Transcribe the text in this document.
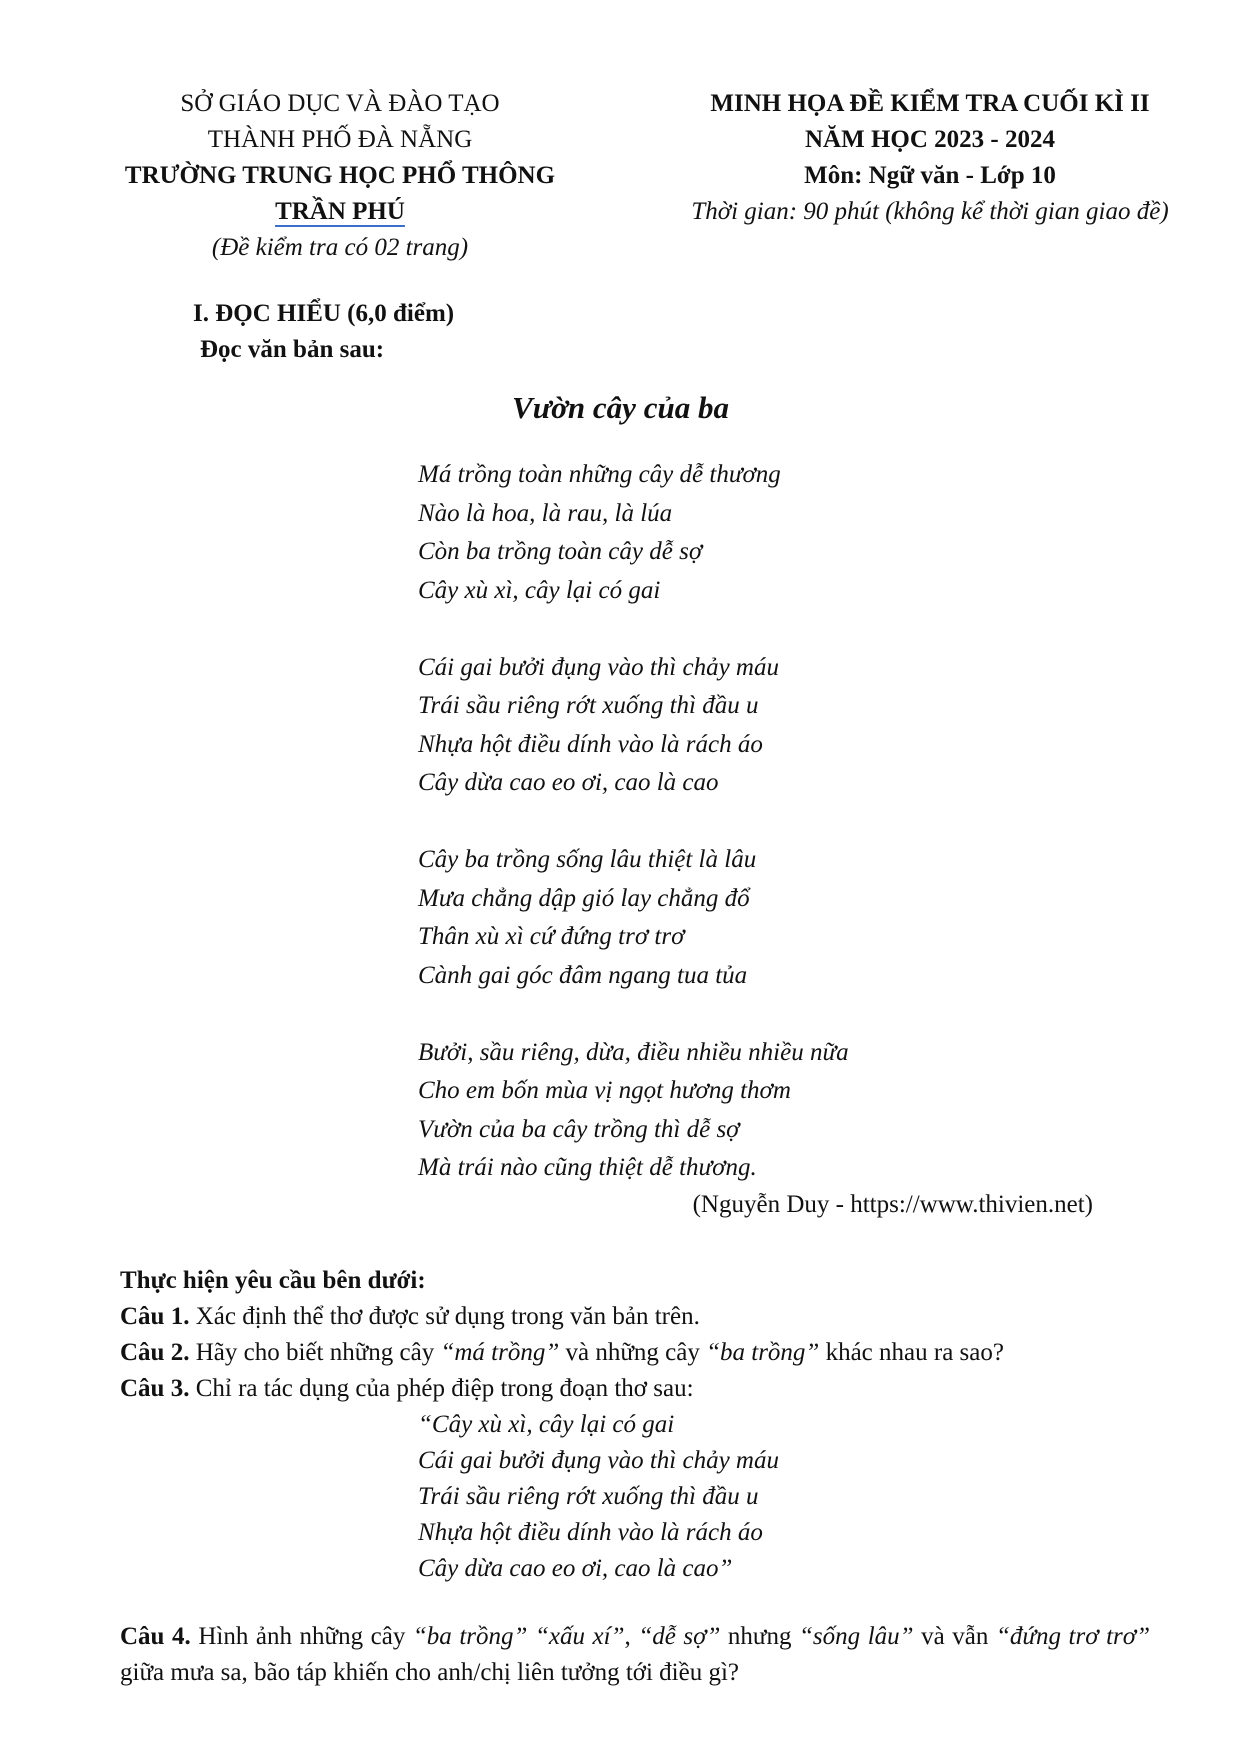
SỞ GIÁO DỤC VÀ ĐÀO TẠO
THÀNH PHỐ ĐÀ NẴNG
TRƯỜNG TRUNG HỌC PHỔ THÔNG
TRẦN PHÚ
(Đề kiểm tra có 02 trang)
MINH HỌA ĐỀ KIỂM TRA CUỐI KÌ II
NĂM HỌC 2023 - 2024
Môn: Ngữ văn - Lớp 10
Thời gian: 90 phút (không kể thời gian giao đề)
I. ĐỌC HIỂU (6,0 điểm)
Đọc văn bản sau:
Vườn cây của ba
Má trồng toàn những cây dễ thương
Nào là hoa, là rau, là lúa
Còn ba trồng toàn cây dễ sợ
Cây xù xì, cây lại có gai
Cái gai bưởi đụng vào thì chảy máu
Trái sầu riêng rớt xuống thì đầu u
Nhựa hột điều dính vào là rách áo
Cây dừa cao eo ơi, cao là cao
Cây ba trồng sống lâu thiệt là lâu
Mưa chẳng dập gió lay chẳng đổ
Thân xù xì cứ đứng trơ trơ
Cành gai góc đâm ngang tua tủa
Bưởi, sầu riêng, dừa, điều nhiều nhiều nữa
Cho em bốn mùa vị ngọt hương thơm
Vườn của ba cây trồng thì dễ sợ
Mà trái nào cũng thiệt dễ thương.
(Nguyễn Duy - https://www.thivien.net)
Thực hiện yêu cầu bên dưới:
Câu 1. Xác định thể thơ được sử dụng trong văn bản trên.
Câu 2. Hãy cho biết những cây “má trồng” và những cây “ba trồng” khác nhau ra sao?
Câu 3. Chỉ ra tác dụng của phép điệp trong đoạn thơ sau:
“Cây xù xì, cây lại có gai
Cái gai bưởi đụng vào thì chảy máu
Trái sầu riêng rớt xuống thì đầu u
Nhựa hột điều dính vào là rách áo
Cây dừa cao eo ơi, cao là cao”
Câu 4. Hình ảnh những cây “ba trồng” “xấu xí”, “dễ sợ” nhưng “sống lâu” và vẫn “đứng trơ trơ” giữa mưa sa, bão táp khiến cho anh/chị liên tưởng tới điều gì?
